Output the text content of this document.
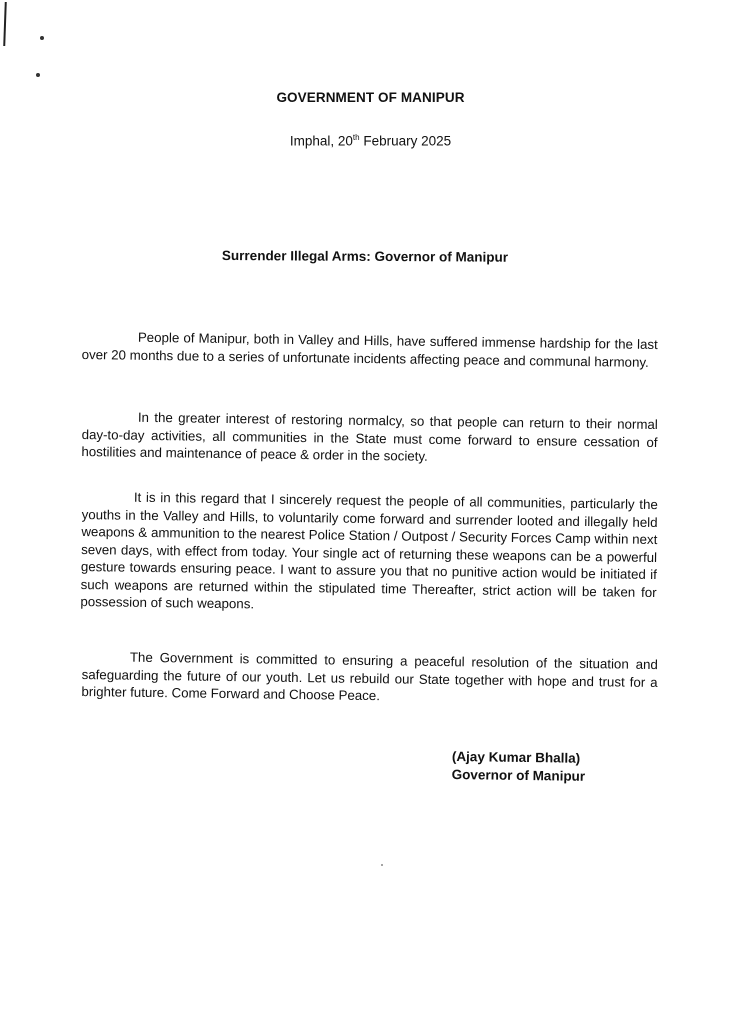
GOVERNMENT OF MANIPUR
Imphal, 20th February 2025
Surrender Illegal Arms: Governor of Manipur

People of Manipur, both in Valley and Hills, have suffered immense hardship for the last over 20 months due to a series of unfortunate incidents affecting peace and communal harmony.

In the greater interest of restoring normalcy, so that people can return to their normal day-to-day activities, all communities in the State must come forward to ensure cessation of hostilities and maintenance of peace & order in the society.

It is in this regard that I sincerely request the people of all communities, particularly the youths in the Valley and Hills, to voluntarily come forward and surrender looted and illegally held weapons & ammunition to the nearest Police Station / Outpost / Security Forces Camp within next seven days, with effect from today. Your single act of returning these weapons can be a powerful gesture towards ensuring peace. I want to assure you that no punitive action would be initiated if such weapons are returned within the stipulated time Thereafter, strict action will be taken for possession of such weapons.

The Government is committed to ensuring a peaceful resolution of the situation and safeguarding the future of our youth. Let us rebuild our State together with hope and trust for a brighter future. Come Forward and Choose Peace.

(Ajay Kumar Bhalla)
Governor of Manipur
